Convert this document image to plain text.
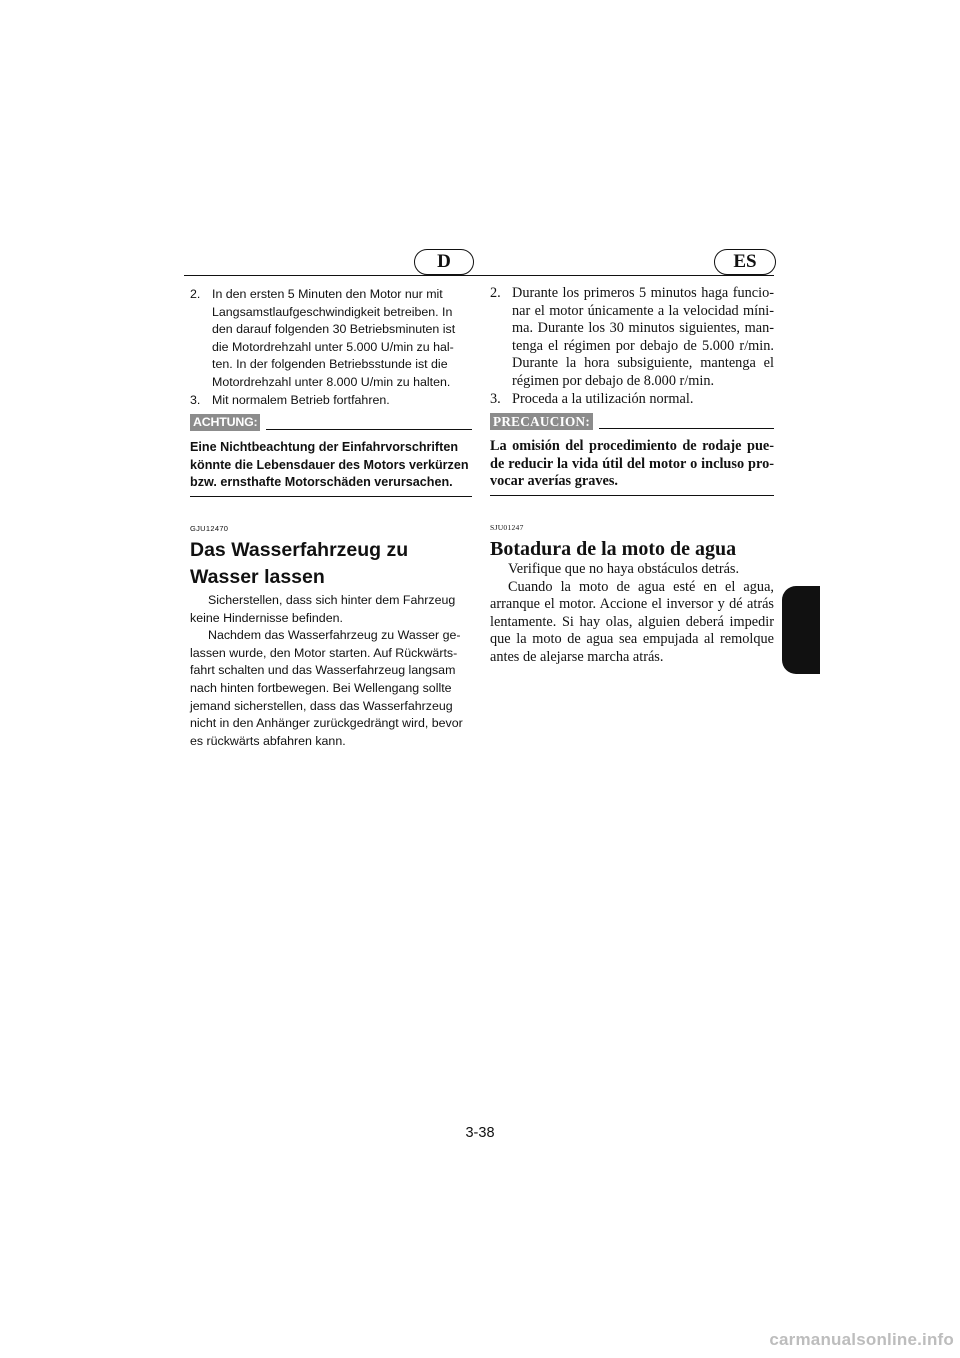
D	ES
2. In den ersten 5 Minuten den Motor nur mit Langsamstlaufgeschwindigkeit betreiben. In den darauf folgenden 30 Betriebsminuten ist die Motordrehzahl unter 5.000 U/min zu hal- ten. In der folgenden Betriebsstunde ist die Motordrehzahl unter 8.000 U/min zu halten.
3. Mit normalem Betrieb fortfahren.
ACHTUNG:
Eine Nichtbeachtung der Einfahrvorschriften könnte die Lebensdauer des Motors verkürzen bzw. ernsthafte Motorschäden verursachen.
GJU12470
Das Wasserfahrzeug zu Wasser lassen

Sicherstellen, dass sich hinter dem Fahrzeug keine Hindernisse befinden.

Nachdem das Wasserfahrzeug zu Wasser ge- lassen wurde, den Motor starten. Auf Rückwärts- fahrt schalten und das Wasserfahrzeug langsam nach hinten fortbewegen. Bei Wellengang sollte jemand sicherstellen, dass das Wasserfahrzeug nicht in den Anhänger zurückgedrängt wird, bevor es rückwärts abfahren kann.

2. Durante los primeros 5 minutos haga funcio- nar el motor únicamente a la velocidad míni- ma. Durante los 30 minutos siguientes, man- tenga el régimen por debajo de 5.000 r/min. Durante la hora subsiguiente, mantenga el régimen por debajo de 8.000 r/min.
3. Proceda a la utilización normal.
PRECAUCION:
La omisión del procedimiento de rodaje pue- de reducir la vida útil del motor o incluso pro- vocar averías graves.
SJU01247
Botadura de la moto de agua

Verifique que no haya obstáculos detrás.

Cuando la moto de agua esté en el agua, arranque el motor. Accione el inversor y dé atrás lentamente. Si hay olas, alguien deberá impedir que la moto de agua sea empujada al remolque antes de alejarse marcha atrás.

3-38
carmanualsonline.info
